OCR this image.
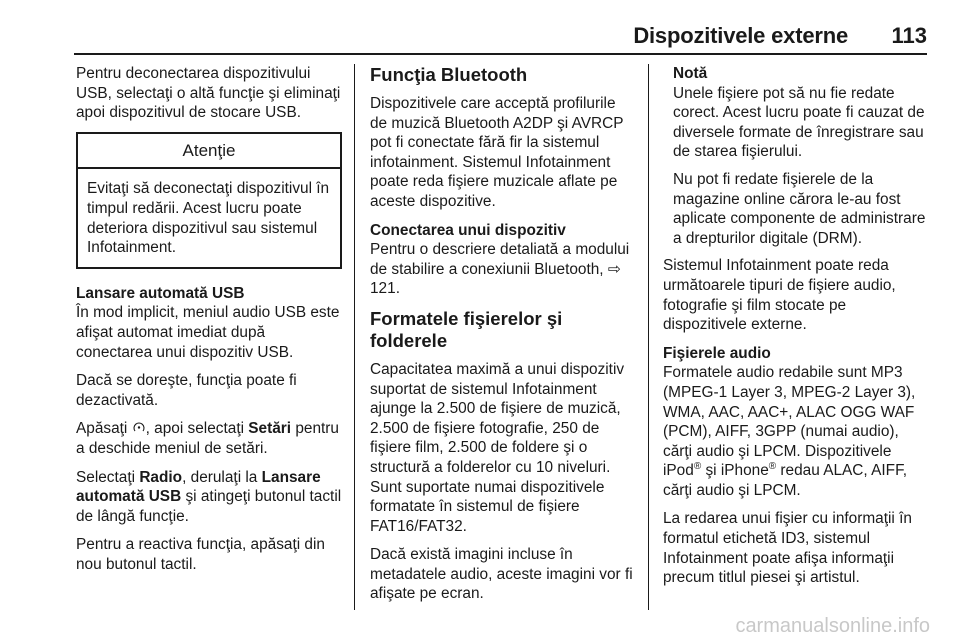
Dispozitivele externe 113

Pentru deconectarea dispozitivului USB, selectaţi o altă funcţie şi eliminaţi apoi dispozitivul de stocare USB.

Atenţie
Evitaţi să deconectaţi dispozitivul în timpul redării. Acest lucru poate deteriora dispozitivul sau sistemul Infotainment.
Lansare automată USB

În mod implicit, meniul audio USB este afişat automat imediat după conectarea unui dispozitiv USB.

Dacă se doreşte, funcţia poate fi dezactivată.

Apăsaţi , apoi selectaţi Setări pentru a deschide meniul de setări.

Selectaţi Radio, derulaţi la Lansare automată USB şi atingeţi butonul tactil de lângă funcţie.

Pentru a reactiva funcţia, apăsaţi din nou butonul tactil.

Funcţia Bluetooth

Dispozitivele care acceptă profilurile de muzică Bluetooth A2DP şi AVRCP pot fi conectate fără fir la sistemul infotainment. Sistemul Infotainment poate reda fişiere muzicale aflate pe aceste dispozitive.

Conectarea unui dispozitiv

Pentru o descriere detaliată a modului de stabilire a conexiunii Bluetooth, ⇨ 121.

Formatele fişierelor şi folderele

Capacitatea maximă a unui dispozitiv suportat de sistemul Infotainment ajunge la 2.500 de fişiere de muzică, 2.500 de fişiere fotografie, 250 de fişiere film, 2.500 de foldere şi o structură a folderelor cu 10 niveluri. Sunt suportate numai dispozitivele formatate în sistemul de fişiere FAT16/FAT32.

Dacă există imagini incluse în metadatele audio, aceste imagini vor fi afişate pe ecran.

Notă

Unele fişiere pot să nu fie redate corect. Acest lucru poate fi cauzat de diversele formate de înregistrare sau de starea fişierului.

Nu pot fi redate fişierele de la magazine online cărora le-au fost aplicate componente de administrare a drepturilor digitale (DRM).

Sistemul Infotainment poate reda următoarele tipuri de fişiere audio, fotografie şi film stocate pe dispozitivele externe.

Fişierele audio

Formatele audio redabile sunt MP3 (MPEG-1 Layer 3, MPEG-2 Layer 3), WMA, AAC, AAC+, ALAC OGG WAF (PCM), AIFF, 3GPP (numai audio), cărţi audio şi LPCM. Dispozitivele iPod® şi iPhone® redau ALAC, AIFF, cărţi audio şi LPCM.

La redarea unui fişier cu informaţii în formatul etichetă ID3, sistemul Infotainment poate afişa informaţii precum titlul piesei şi artistul.

carmanualsonline.info
